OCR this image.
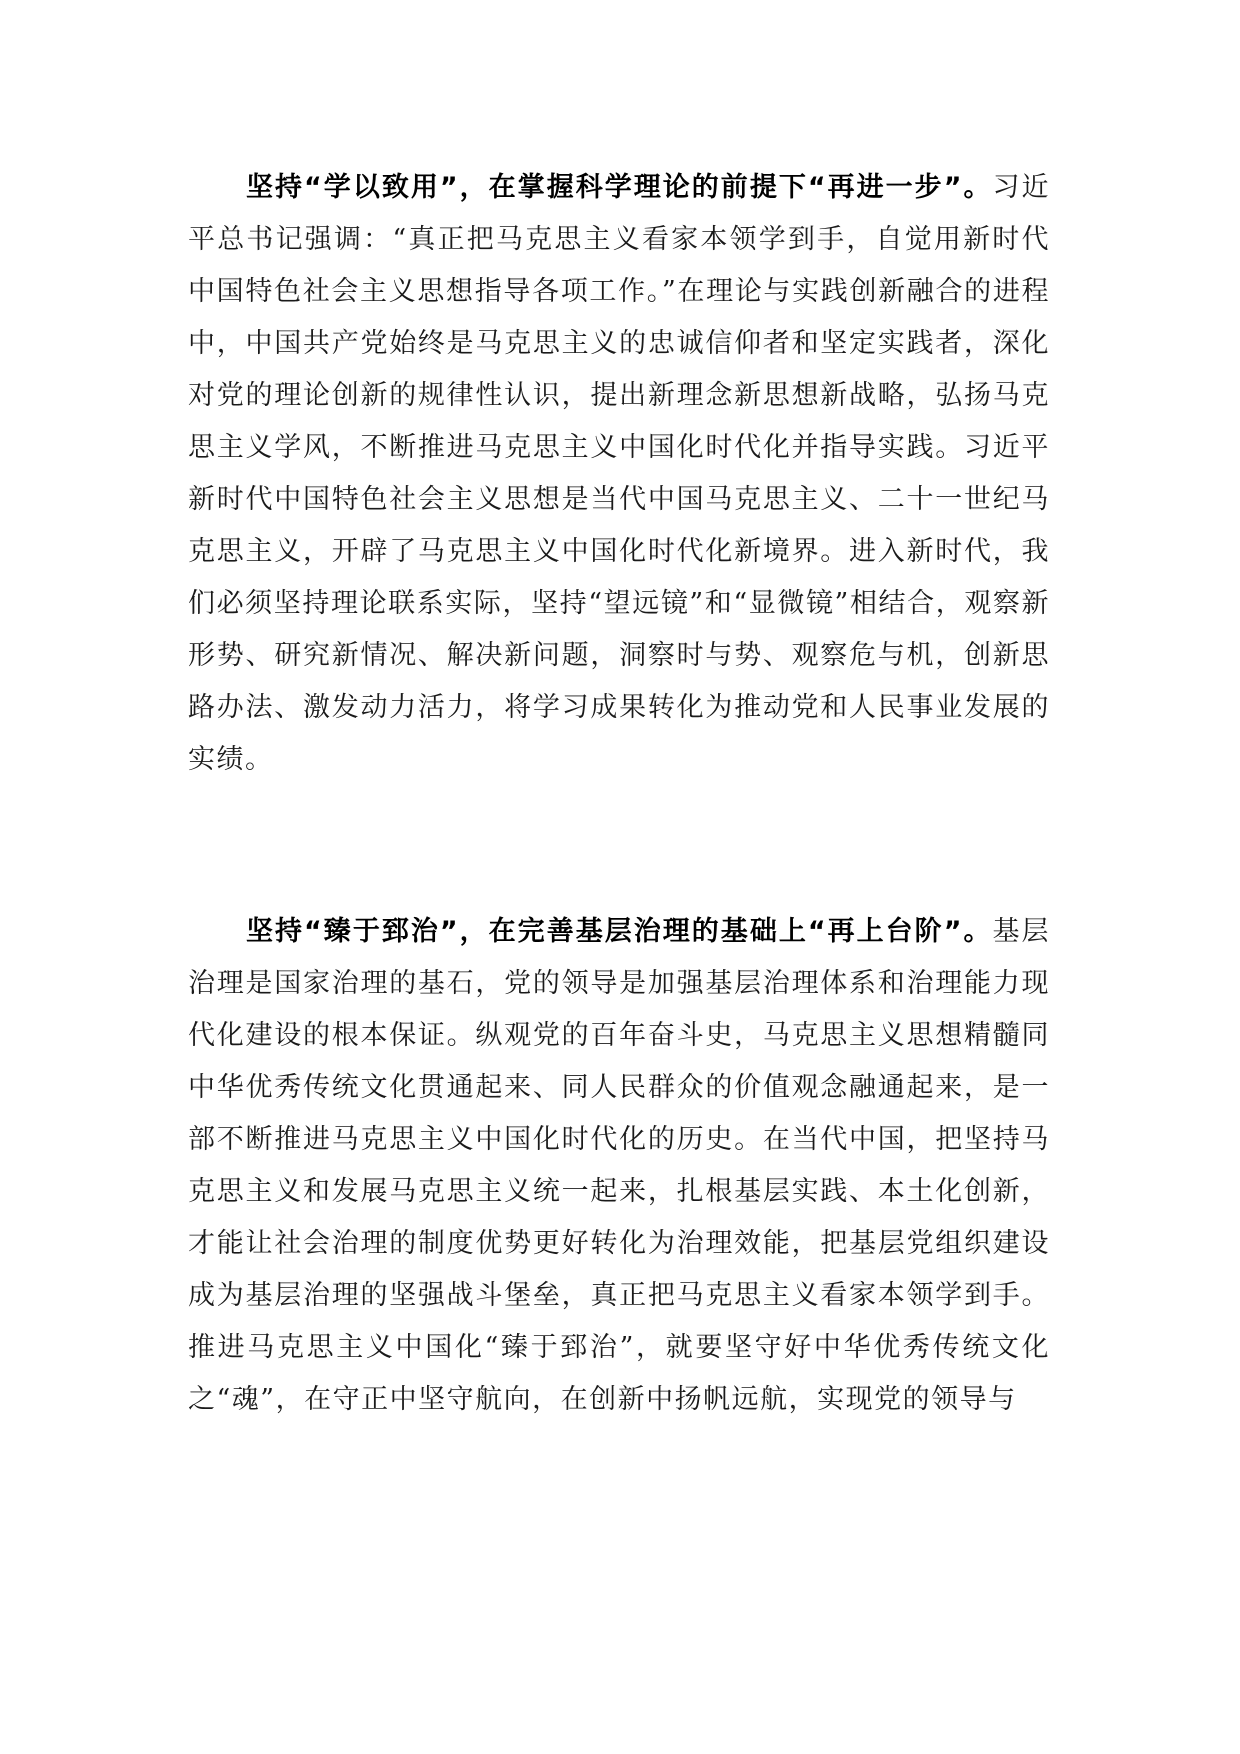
坚持“学以致用”，在掌握科学理论的前提下“再进一步”。习近平总书记强调：“真正把马克思主义看家本领学到手，自觉用新时代中国特色社会主义思想指导各项工作。”在理论与实践创新融合的进程中，中国共产党始终是马克思主义的忠诚信仰者和坚定实践者，深化对党的理论创新的规律性认识，提出新理念新思想新战略，弘扬马克思主义学风，不断推进马克思主义中国化时代化并指导实践。习近平新时代中国特色社会主义思想是当代中国马克思主义、二十一世纪马克思主义，开辟了马克思主义中国化时代化新境界。进入新时代，我们必须坚持理论联系实际，坚持“望远镜”和“显微镜”相结合，观察新形势、研究新情况、解决新问题，洞察时与势、观察危与机，创新思路办法、激发动力活力，将学习成果转化为推动党和人民事业发展的实绩。

坚持“臻于郅治”，在完善基层治理的基础上“再上台阶”。基层治理是国家治理的基石，党的领导是加强基层治理体系和治理能力现代化建设的根本保证。纵观党的百年奋斗史，马克思主义思想精髓同中华优秀传统文化贯通起来、同人民群众的价值观念融通起来，是一部不断推进马克思主义中国化时代化的历史。在当代中国，把坚持马克思主义和发展马克思主义统一起来，扎根基层实践、本土化创新，才能让社会治理的制度优势更好转化为治理效能，把基层党组织建设成为基层治理的坚强战斗堡垒，真正把马克思主义看家本领学到手。推进马克思主义中国化“臻于郅治”，就要坚守好中华优秀传统文化之“魂”，在守正中坚守航向，在创新中扬帆远航，实现党的领导与
